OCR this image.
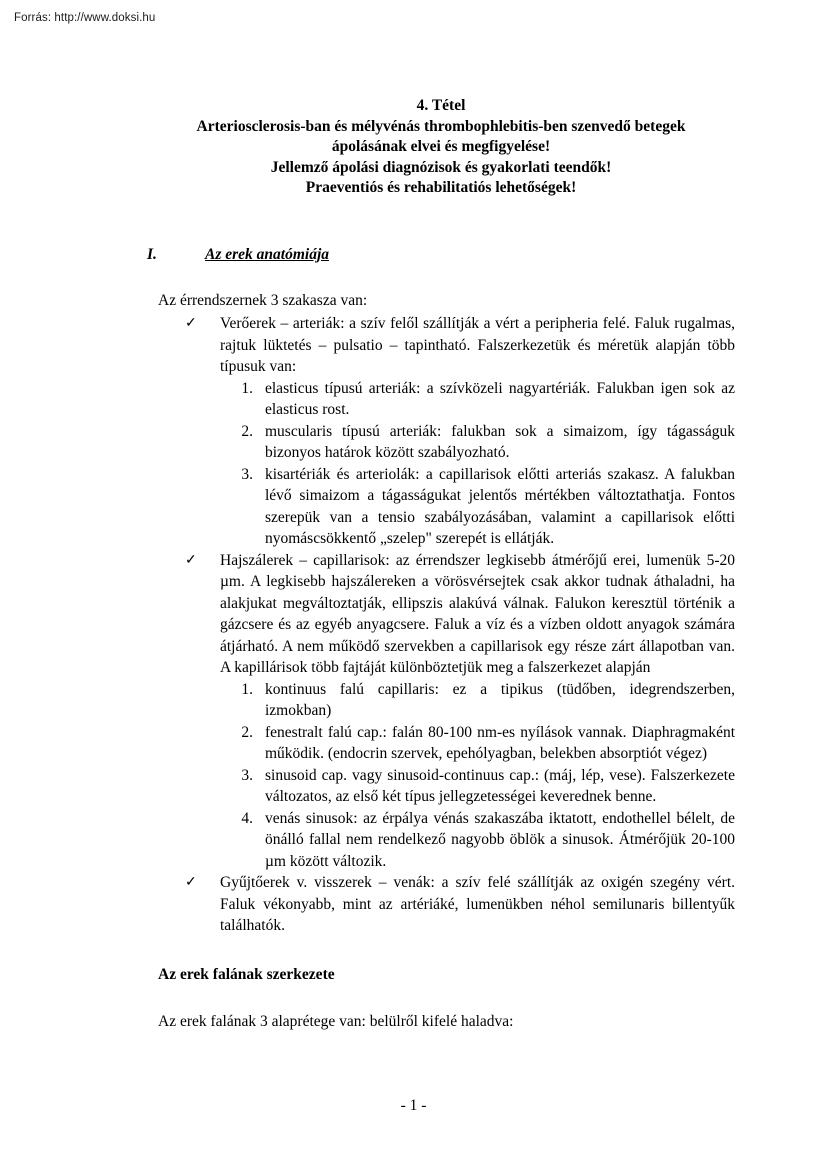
Forrás: http://www.doksi.hu
4. Tétel
Arteriosclerosis-ban és mélyvénás thrombophlebitis-ben szenvedő betegek
ápolásának elvei és megfigyelése!
Jellemző ápolási diagnózisok és gyakorlati teendők!
Praeventiós és rehabilitatiós lehetőségek!
I.	Az erek anatómiája
Az érrendszernek 3 szakasza van:
✓ Verőerek – arteriák: a szív felől szállítják a vért a peripheria felé. Faluk rugalmas, rajtuk lüktetés – pulsatio – tapintható. Falszerkezetük és méretük alapján több típusuk van:
1. elasticus típusú arteriák: a szívközeli nagyartériák. Falukban igen sok az elasticus rost.
2. muscularis típusú arteriák: falukban sok a simaizom, így tágasságuk bizonyos határok között szabályozható.
3. kisartériák és arteriolák: a capillarisok előtti arteriás szakasz. A falukban lévő simaizom a tágasságukat jelentős mértékben változtathatja. Fontos szerepük van a tensio szabályozásában, valamint a capillarisok előtti nyomáscsökkentő „szelep" szerepét is ellátják.
✓ Hajszálerek – capillarisok: az érrendszer legkisebb átmérőjű erei, lumenük 5-20 µm. A legkisebb hajszálereken a vörösvérsejtek csak akkor tudnak áthaladni, ha alakjukat megváltoztatják, ellipszis alakúvá válnak. Falukon keresztül történik a gázcsere és az egyéb anyagcsere. Faluk a víz és a vízben oldott anyagok számára átjárható. A nem működő szervekben a capillarisok egy része zárt állapotban van. A kapillárisok több fajtáját különböztetjük meg a falszerkezet alapján
1. kontinuus falú capillaris: ez a tipikus (tüdőben, idegrendszerben, izmokban)
2. fenestralt falú cap.: falán 80-100 nm-es nyílások vannak. Diaphragmaként működik. (endocrin szervek, epehólyagban, belekben absorptiót végez)
3. sinusoid cap. vagy sinusoid-continuus cap.: (máj, lép, vese). Falszerkezete változatos, az első két típus jellegzetességei keverednek benne.
4. venás sinusok: az érpálya vénás szakaszába iktatott, endothellel bélelt, de önálló fallal nem rendelkező nagyobb öblök a sinusok. Átmérőjük 20-100 µm között változik.
✓ Gyűjtőerek v. visszerek – venák: a szív felé szállítják az oxigén szegény vért. Faluk vékonyabb, mint az artériáké, lumenükben néhol semilunaris billentyűk találhatók.
Az erek falának szerkezete
Az erek falának 3 alaprétege van: belülről kifelé haladva:
- 1 -
